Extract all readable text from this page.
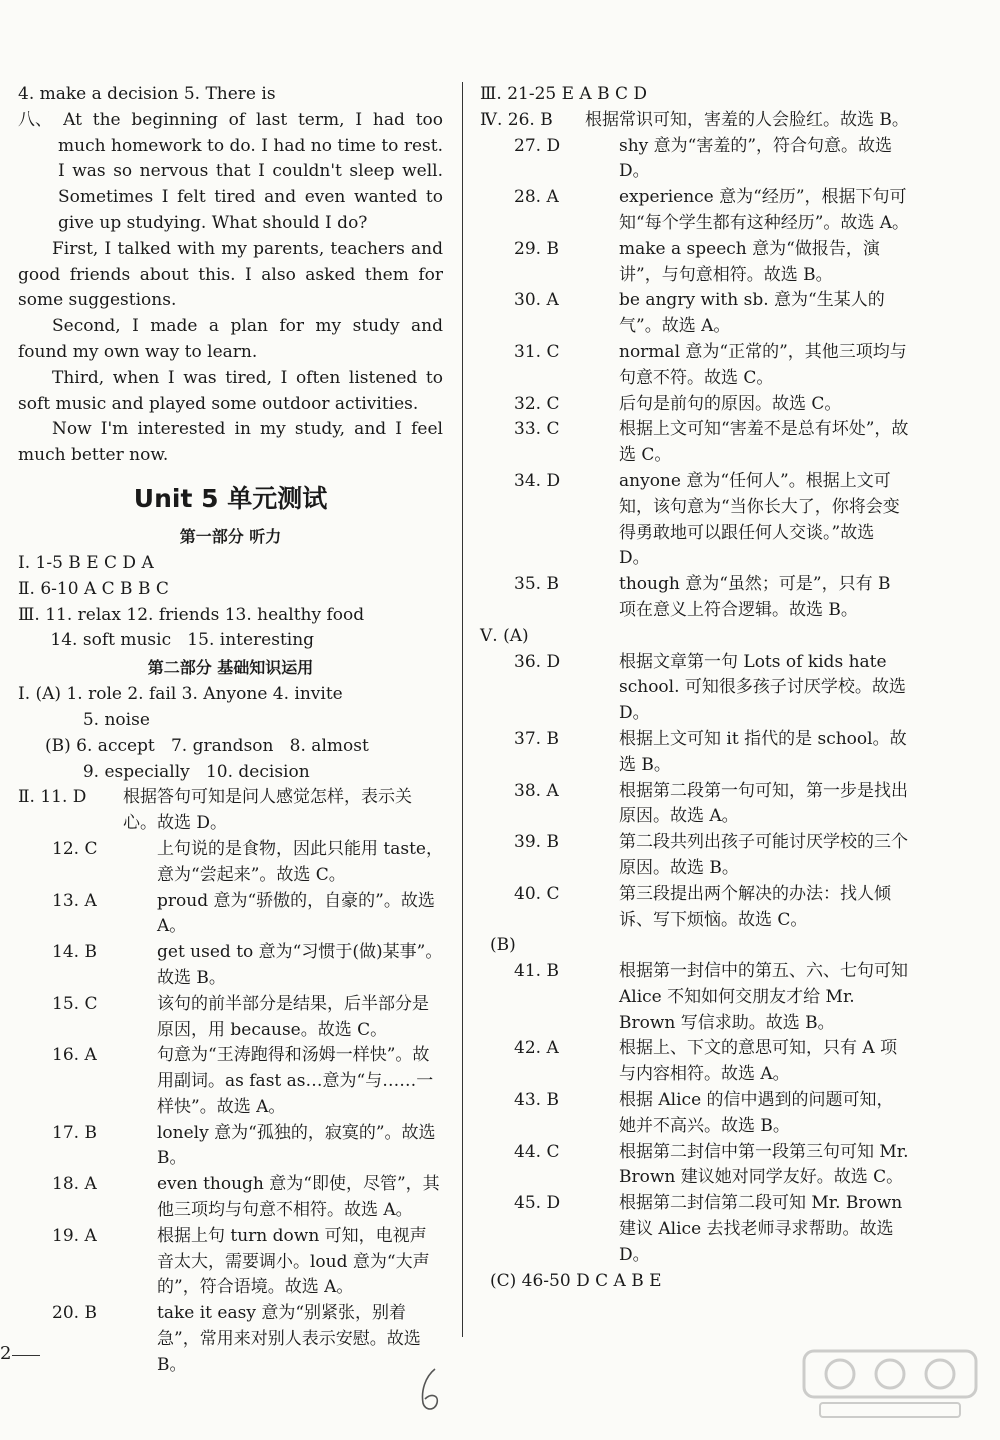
4. make a decision 5. There is
八、 At the beginning of last term, I had too much homework to do. I had no time to rest. I was so nervous that I couldn't sleep well. Sometimes I felt tired and even wanted to give up studying. What should I do?
First, I talked with my parents, teachers and good friends about this. I also asked them for some suggestions.
Second, I made a plan for my study and found my own way to learn.
Third, when I was tired, I often listened to soft music and played some outdoor activities.
Now I'm interested in my study, and I feel much better now.
Unit 5 单元测试
第一部分 听力
Ⅰ. 1-5 B E C D A
Ⅱ. 6-10 A C B B C
Ⅲ. 11. relax 12. friends 13. healthy food
14. soft music   15. interesting
第二部分 基础知识运用
Ⅰ. (A) 1. role 2. fail 3. Anyone 4. invite
5. noise
(B) 6. accept   7. grandson   8. almost
9. especially   10. decision
Ⅱ. 11. D	根据答句可知是问人感觉怎样，表示关心。故选 D。
12. C	上句说的是食物，因此只能用 taste，意为“尝起来”。故选 C。
13. A	proud 意为“骄傲的，自豪的”。故选 A。
14. B	get used to 意为“习惯于(做)某事”。故选 B。
15. C	该句的前半部分是结果，后半部分是原因，用 because。故选 C。
16. A	句意为“王涛跑得和汤姆一样快”。故用副词。as fast as…意为“与……一样快”。故选 A。
17. B	lonely 意为“孤独的，寂寞的”。故选 B。
18. A	even though 意为“即使，尽管”，其他三项均与句意不相符。故选 A。
19. A	根据上句 turn down 可知，电视声音太大，需要调小。loud 意为“大声的”，符合语境。故选 A。
20. B	take it easy 意为“别紧张，别着急”，常用来对别人表示安慰。故选 B。
Ⅲ. 21-25 E A B C D
Ⅳ. 26. B	根据常识可知，害羞的人会脸红。故选 B。
27. D	shy 意为“害羞的”，符合句意。故选 D。
28. A	experience 意为“经历”，根据下句可知“每个学生都有这种经历”。故选 A。
29. B	make a speech 意为“做报告，演讲”，与句意相符。故选 B。
30. A	be angry with sb. 意为“生某人的气”。故选 A。
31. C	normal 意为“正常的”，其他三项均与句意不符。故选 C。
32. C	后句是前句的原因。故选 C。
33. C	根据上文可知“害羞不是总有坏处”，故选 C。
34. D	anyone 意为“任何人”。根据上文可知，该句意为“当你长大了，你将会变得勇敢地可以跟任何人交谈。”故选 D。
35. B	though 意为“虽然；可是”，只有 B 项在意义上符合逻辑。故选 B。
Ⅴ. (A)
36. D	根据文章第一句 Lots of kids hate school. 可知很多孩子讨厌学校。故选 D。
37. B	根据上文可知 it 指代的是 school。故选 B。
38. A	根据第二段第一句可知，第一步是找出原因。故选 A。
39. B	第二段共列出孩子可能讨厌学校的三个原因。故选 B。
40. C	第三段提出两个解决的办法：找人倾诉、写下烦恼。故选 C。
(B)
41. B	根据第一封信中的第五、六、七句可知 Alice 不知如何交朋友才给 Mr. Brown 写信求助。故选 B。
42. A	根据上、下文的意思可知，只有 A 项与内容相符。故选 A。
43. B	根据 Alice 的信中遇到的问题可知，她并不高兴。故选 B。
44. C	根据第二封信中第一段第三句可知 Mr. Brown 建议她对同学友好。故选 C。
45. D	根据第二封信第二段可知 Mr. Brown 建议 Alice 去找老师寻求帮助。故选 D。
(C) 46-50 D C A B E
2
